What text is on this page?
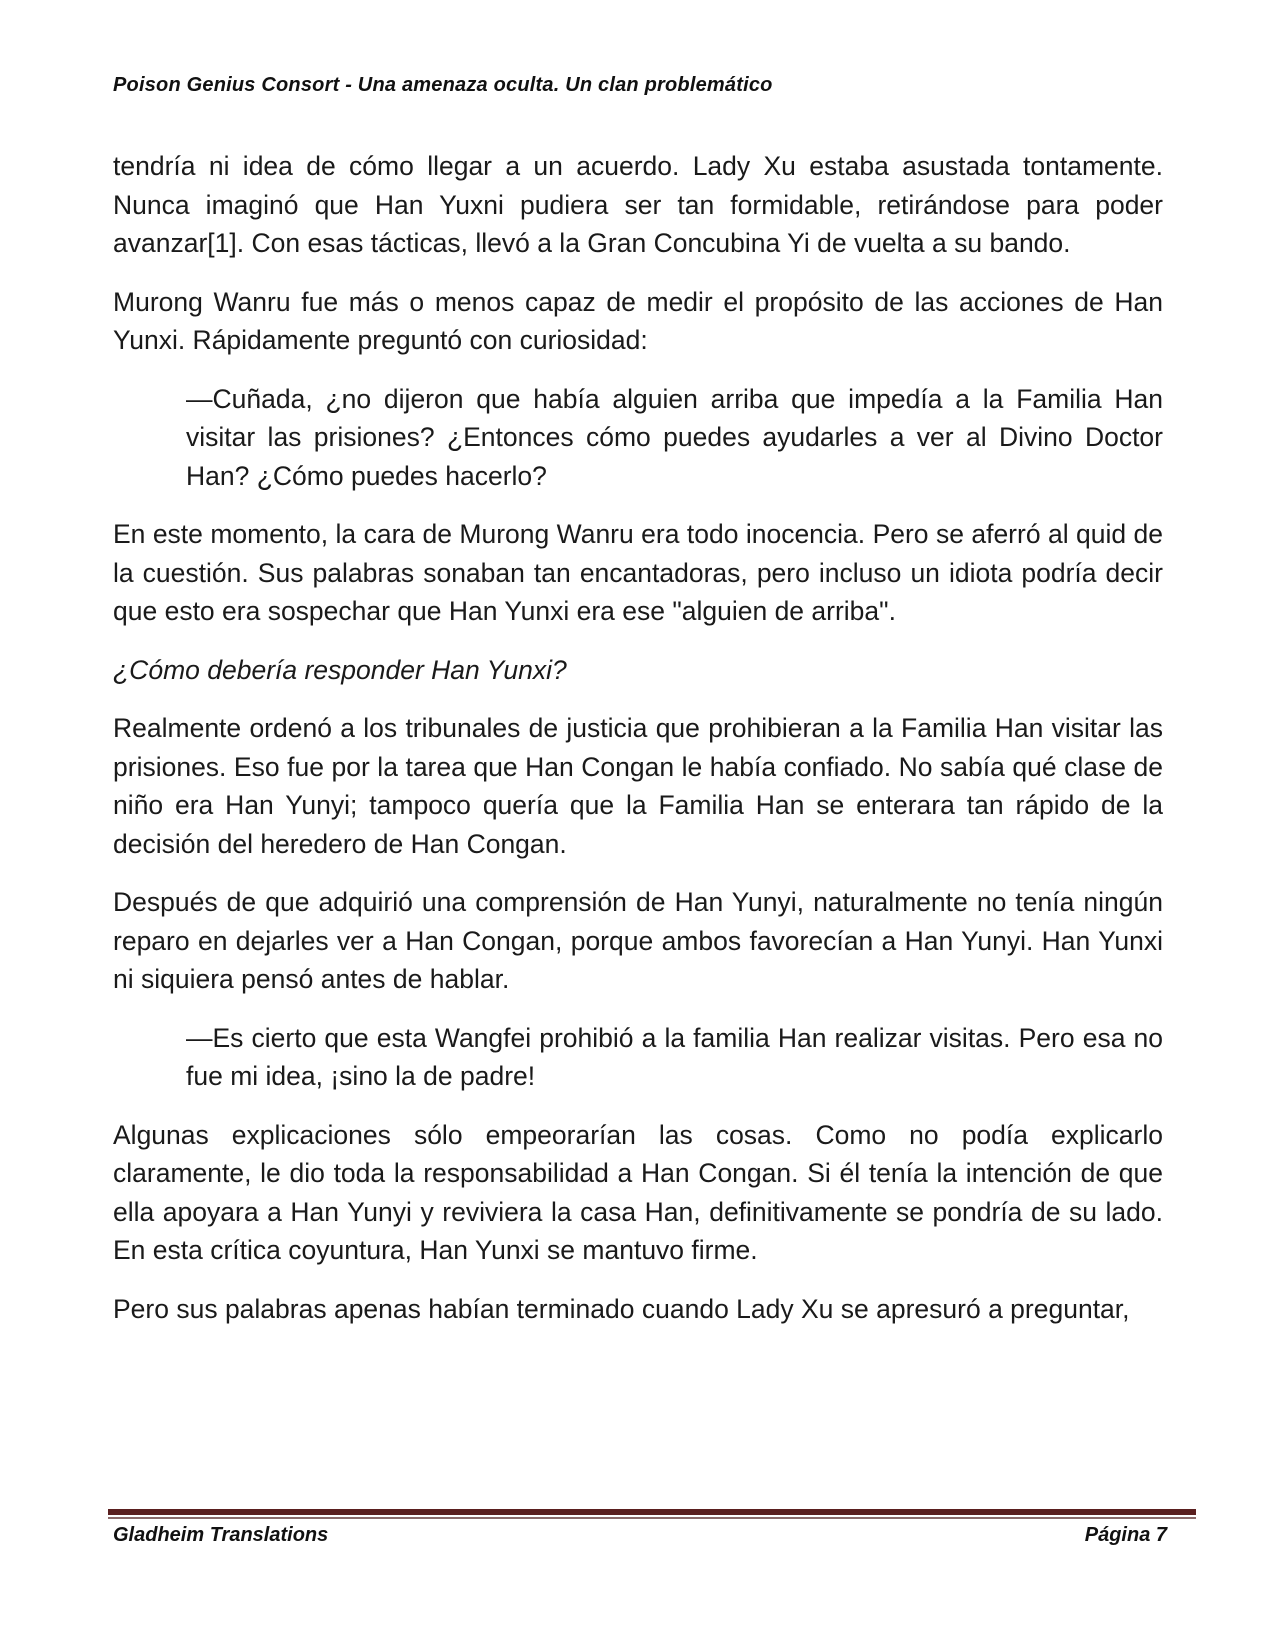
Poison Genius Consort - Una amenaza oculta. Un clan problemático

tendría ni idea de cómo llegar a un acuerdo. Lady Xu estaba asustada tontamente. Nunca imaginó que Han Yuxni pudiera ser tan formidable, retirándose para poder avanzar[1]. Con esas tácticas, llevó a la Gran Concubina Yi de vuelta a su bando.

Murong Wanru fue más o menos capaz de medir el propósito de las acciones de Han Yunxi. Rápidamente preguntó con curiosidad:

—Cuñada, ¿no dijeron que había alguien arriba que impedía a la Familia Han visitar las prisiones? ¿Entonces cómo puedes ayudarles a ver al Divino Doctor Han? ¿Cómo puedes hacerlo?

En este momento, la cara de Murong Wanru era todo inocencia. Pero se aferró al quid de la cuestión. Sus palabras sonaban tan encantadoras, pero incluso un idiota podría decir que esto era sospechar que Han Yunxi era ese "alguien de arriba".

¿Cómo debería responder Han Yunxi?

Realmente ordenó a los tribunales de justicia que prohibieran a la Familia Han visitar las prisiones. Eso fue por la tarea que Han Congan le había confiado. No sabía qué clase de niño era Han Yunyi; tampoco quería que la Familia Han se enterara tan rápido de la decisión del heredero de Han Congan.

Después de que adquirió una comprensión de Han Yunyi, naturalmente no tenía ningún reparo en dejarles ver a Han Congan, porque ambos favorecían a Han Yunyi. Han Yunxi ni siquiera pensó antes de hablar.

—Es cierto que esta Wangfei prohibió a la familia Han realizar visitas. Pero esa no fue mi idea, ¡sino la de padre!

Algunas explicaciones sólo empeorarían las cosas. Como no podía explicarlo claramente, le dio toda la responsabilidad a Han Congan. Si él tenía la intención de que ella apoyara a Han Yunyi y reviviera la casa Han, definitivamente se pondría de su lado. En esta crítica coyuntura, Han Yunxi se mantuvo firme.

Pero sus palabras apenas habían terminado cuando Lady Xu se apresuró a preguntar,

Gladheim Translations	Página 7
